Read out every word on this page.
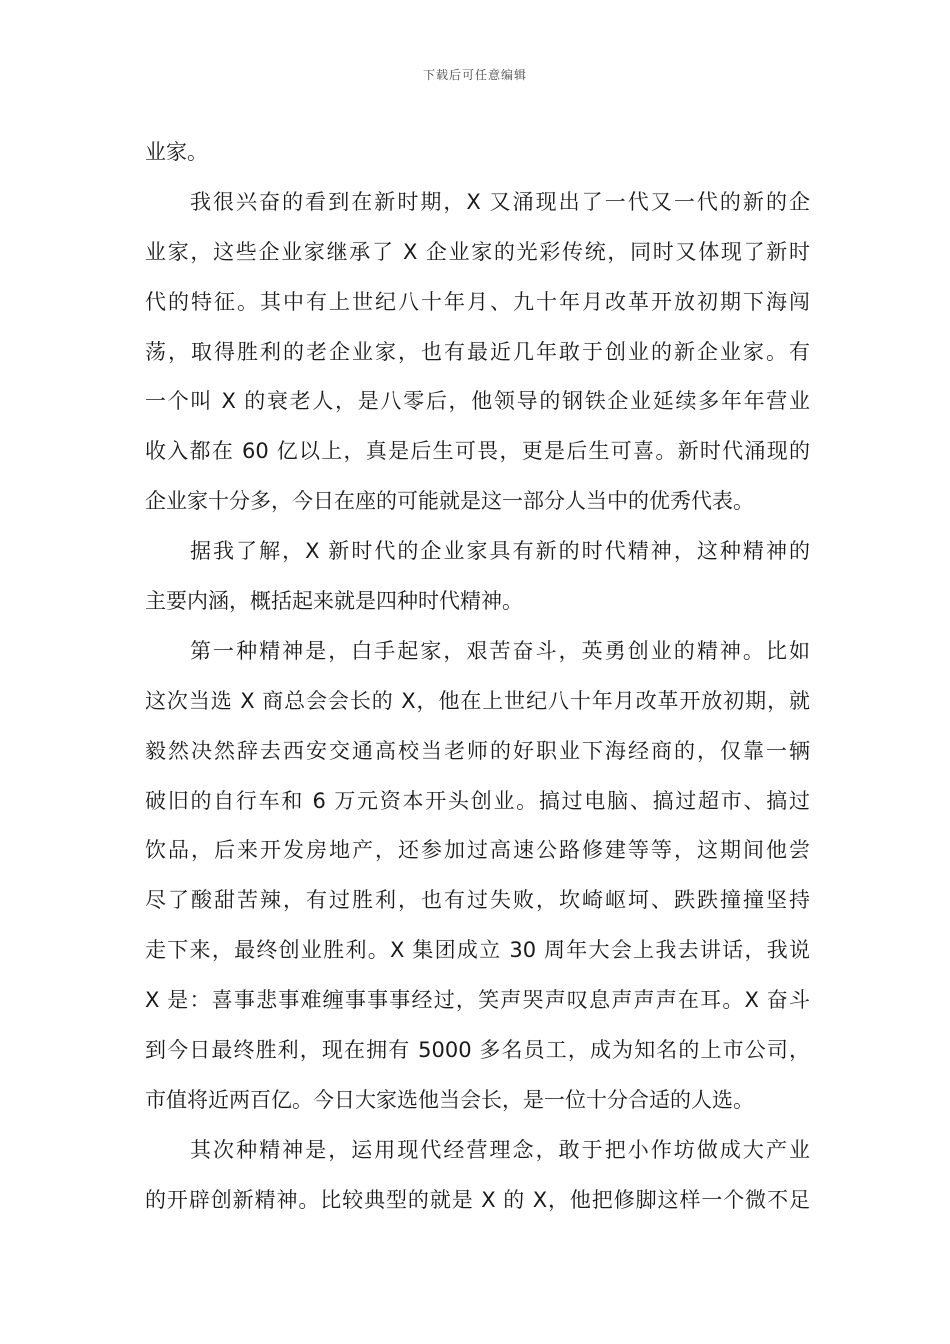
下载后可任意编辑
业家。
我很兴奋的看到在新时期，X 又涌现出了一代又一代的新的企
业家，这些企业家继承了 X 企业家的光彩传统，同时又体现了新时
代的特征。其中有上世纪八十年月、九十年月改革开放初期下海闯
荡，取得胜利的老企业家，也有最近几年敢于创业的新企业家。有
一个叫 X 的衰老人，是八零后，他领导的钢铁企业延续多年年营业
收入都在 60 亿以上，真是后生可畏，更是后生可喜。新时代涌现的
企业家十分多，今日在座的可能就是这一部分人当中的优秀代表。
据我了解，X 新时代的企业家具有新的时代精神，这种精神的
主要内涵，概括起来就是四种时代精神。
第一种精神是，白手起家，艰苦奋斗，英勇创业的精神。比如
这次当选 X 商总会会长的 X，他在上世纪八十年月改革开放初期，就
毅然决然辞去西安交通高校当老师的好职业下海经商的，仅靠一辆
破旧的自行车和 6 万元资本开头创业。搞过电脑、搞过超市、搞过
饮品，后来开发房地产，还参加过高速公路修建等等，这期间他尝
尽了酸甜苦辣，有过胜利，也有过失败，坎崎岖坷、跌跌撞撞坚持
走下来，最终创业胜利。X 集团成立 30 周年大会上我去讲话，我说
X 是：喜事悲事难缠事事事经过，笑声哭声叹息声声声在耳。X 奋斗
到今日最终胜利，现在拥有 5000 多名员工，成为知名的上市公司，
市值将近两百亿。今日大家选他当会长，是一位十分合适的人选。
其次种精神是，运用现代经营理念，敢于把小作坊做成大产业
的开辟创新精神。比较典型的就是 X 的 X，他把修脚这样一个微不足
